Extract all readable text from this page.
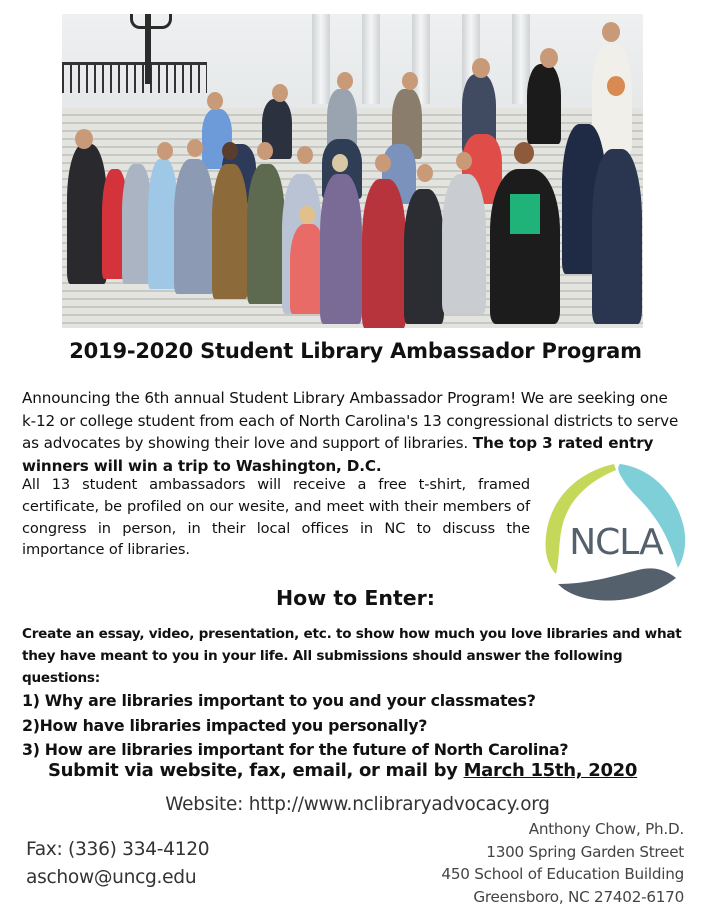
2019-2020 Student Library Ambassador Program
Announcing the 6th annual Student Library Ambassador Program! We are seeking one k-12 or college student from each of North Carolina's 13 congressional districts to serve as advocates by showing their love and support of libraries. The top 3 rated entry winners will win a trip to Washington, D.C.
All 13 student ambassadors will receive a free t-shirt, framed certificate, be profiled on our wesite, and meet with their members of congress in person, in their local offices in NC to discuss the importance of libraries.	NCLA
How to Enter:
Create an essay, video, presentation, etc. to show how much you love libraries and what they have meant to you in your life. All submissions should answer the following questions:
1) Why are libraries important to you and your classmates?
2)How have libraries impacted you personally?
3) How are libraries important for the future of North Carolina?
Submit via website, fax, email, or mail by March 15th, 2020
Website: http://www.nclibraryadvocacy.org
Fax: (336) 334-4120
aschow@uncg.edu
Anthony Chow, Ph.D.
1300 Spring Garden Street
450 School of Education Building
Greensboro, NC 27402-6170
